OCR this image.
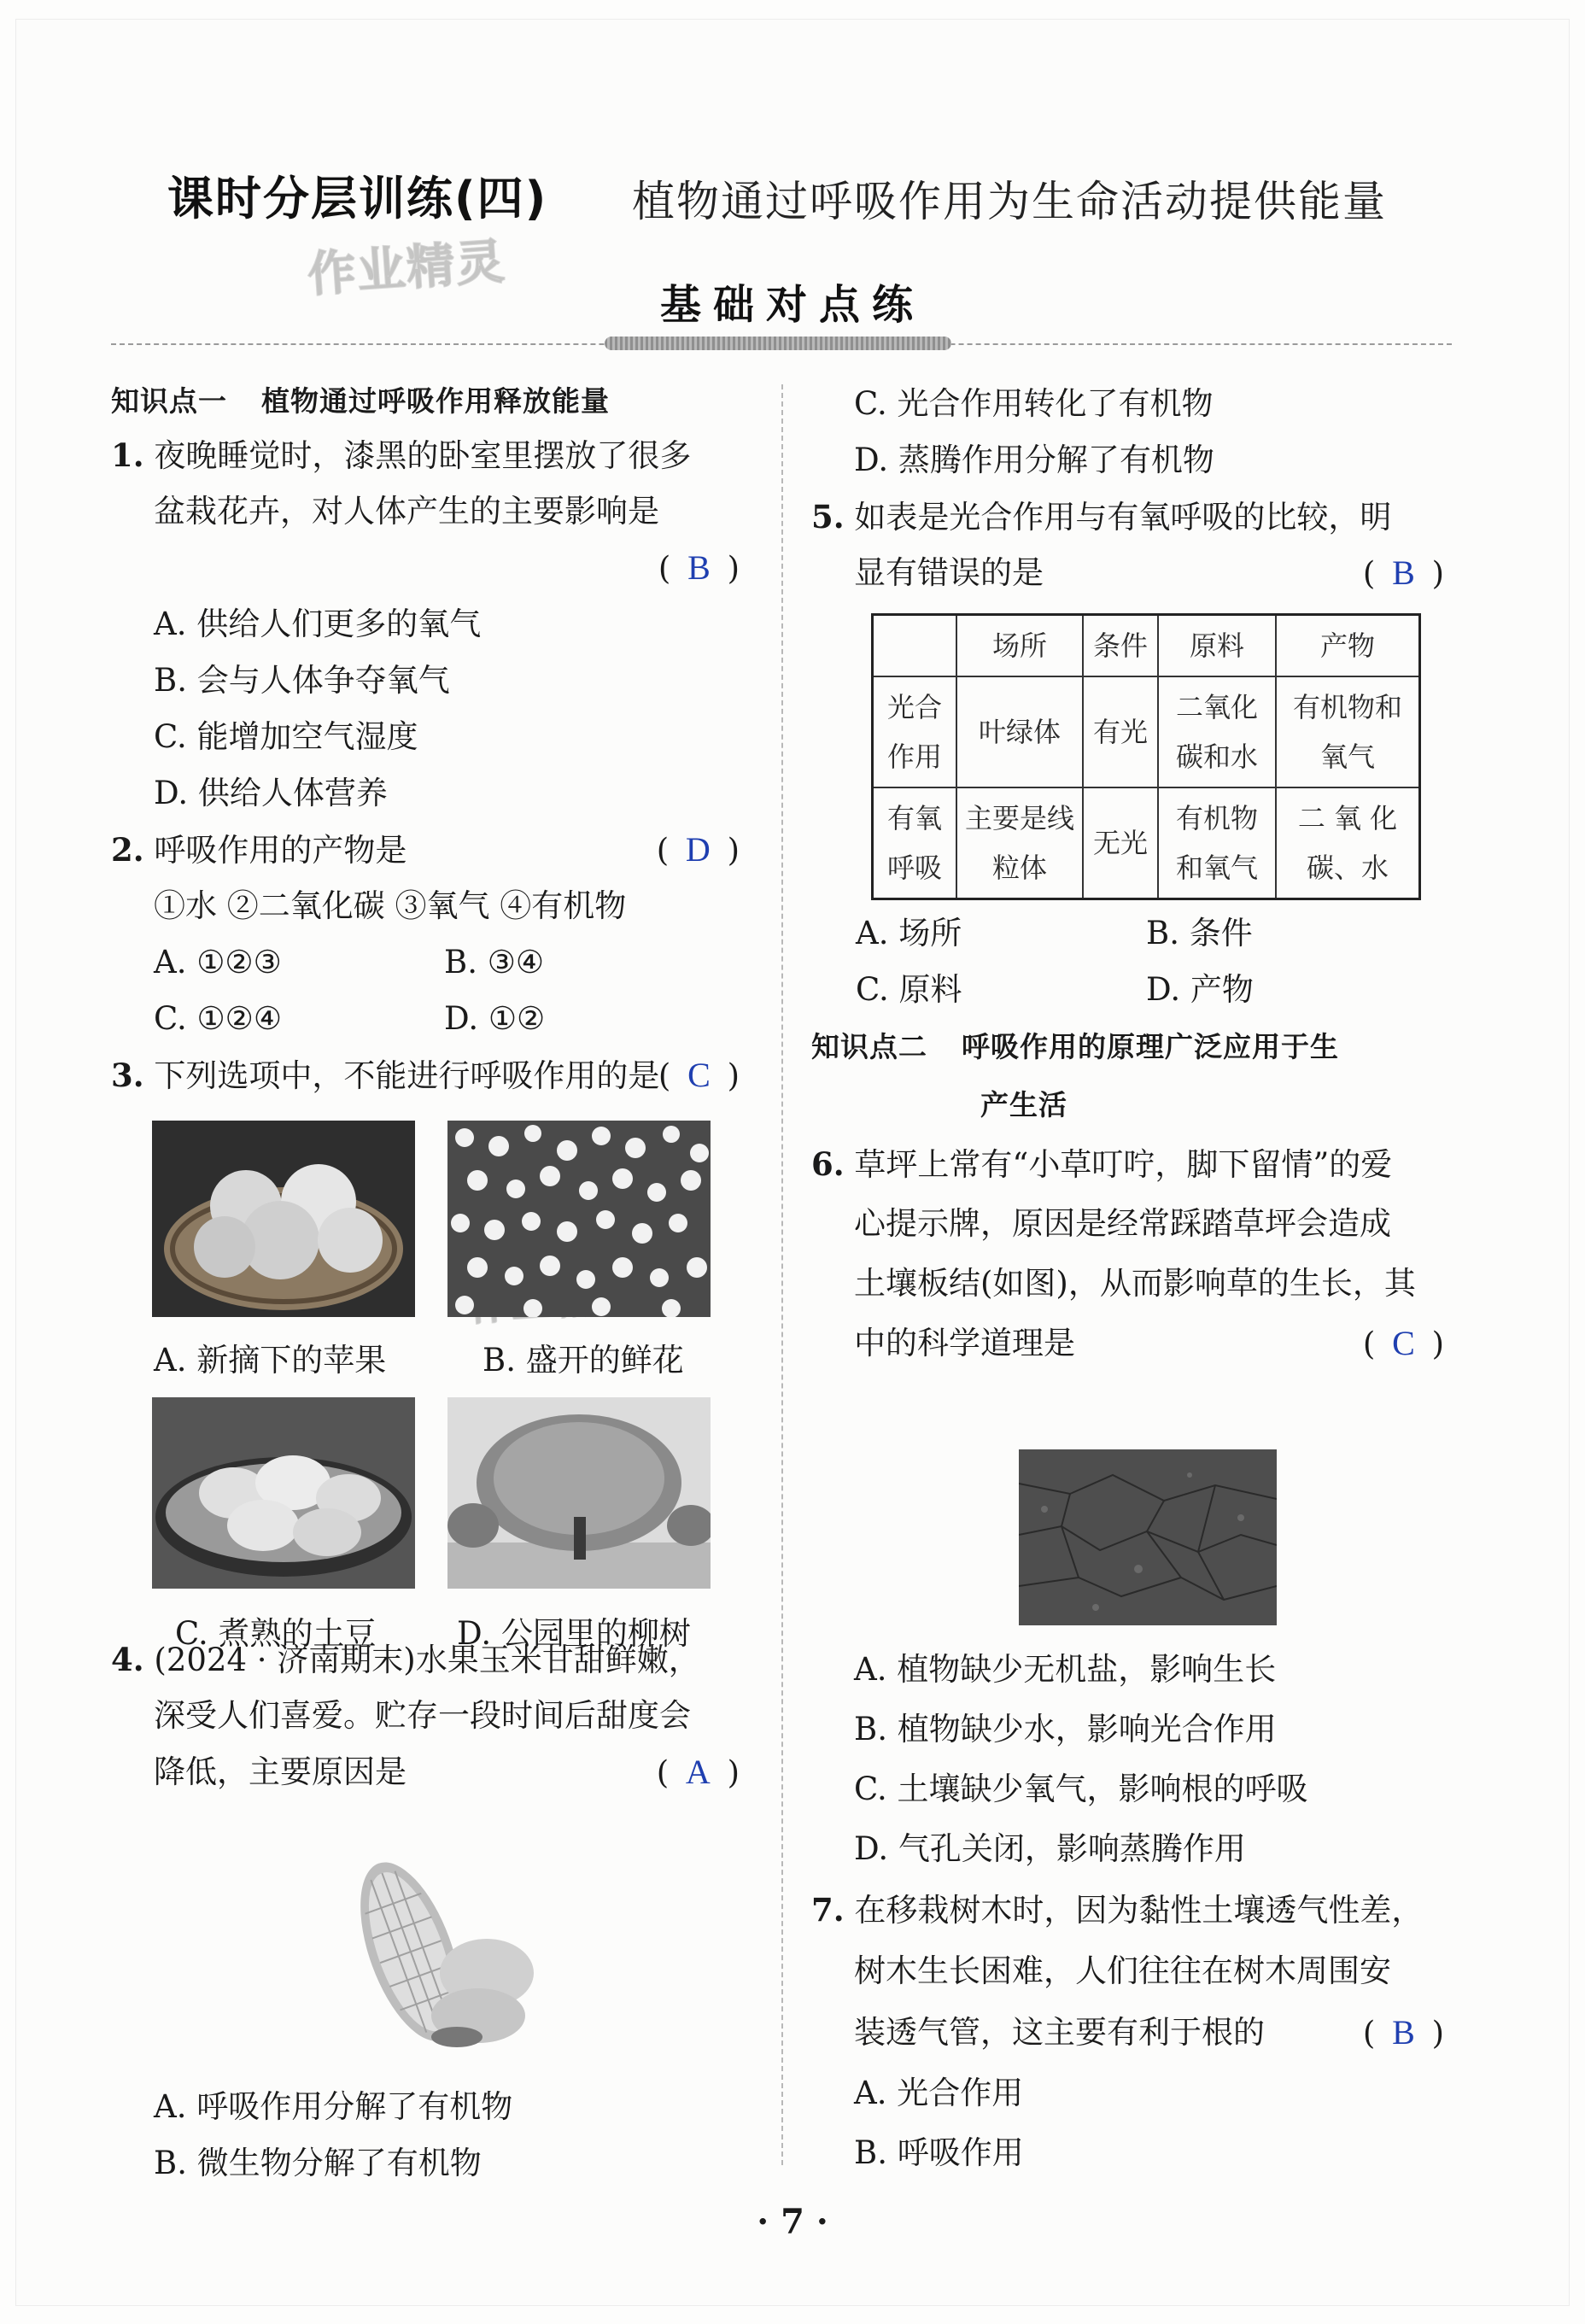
课时分层训练(四) 植物通过呼吸作用为生命活动提供能量
作业精灵
基础对点练

知识点一 植物通过呼吸作用释放能量

1. 夜晚睡觉时，漆黑的卧室里摆放了很多
盆栽花卉，对人体产生的主要影响是
( B )
A. 供给人们更多的氧气
B. 会与人体争夺氧气
C. 能增加空气湿度
D. 供给人体营养
2. 呼吸作用的产物是	( D )
①水 ②二氧化碳 ③氧气 ④有机物
A. ①②③	B. ③④
C. ①②④	D. ①②
3. 下列选项中，不能进行呼吸作用的是
( C )
4. (2024 · 济南期末)水果玉米甘甜鲜嫩，
深受人们喜爱。贮存一段时间后甜度会
降低，主要原因是	( A )
A. 呼吸作用分解了有机物
B. 微生物分解了有机物
A. 新摘下的苹果	B. 盛开的鲜花
C. 煮熟的土豆	D. 公园里的柳树
C. 光合作用转化了有机物
D. 蒸腾作用分解了有机物
5. 如表是光合作用与有氧呼吸的比较，明
显有错误的是	( B )
	场所	条件	原料	产物
光合作用	叶绿体	有光	二氧化碳和水	有机物和氧气
有氧呼吸	主要是线粒体	无光	有机物和氧气	二 氧 化碳、水
A. 场所	B. 条件
C. 原料	D. 产物

知识点二 呼吸作用的原理广泛应用于生
产生活

6. 草坪上常有“小草叮咛，脚下留情”的爱
心提示牌，原因是经常踩踏草坪会造成
土壤板结(如图)，从而影响草的生长，其
中的科学道理是	( C )
A. 植物缺少无机盐，影响生长
B. 植物缺少水，影响光合作用
C. 土壤缺少氧气，影响根的呼吸
D. 气孔关闭，影响蒸腾作用
7. 在移栽树木时，因为黏性土壤透气性差，
树木生长困难，人们往往在树木周围安
装透气管，这主要有利于根的	( B )
A. 光合作用
B. 呼吸作用
· 7 ·
